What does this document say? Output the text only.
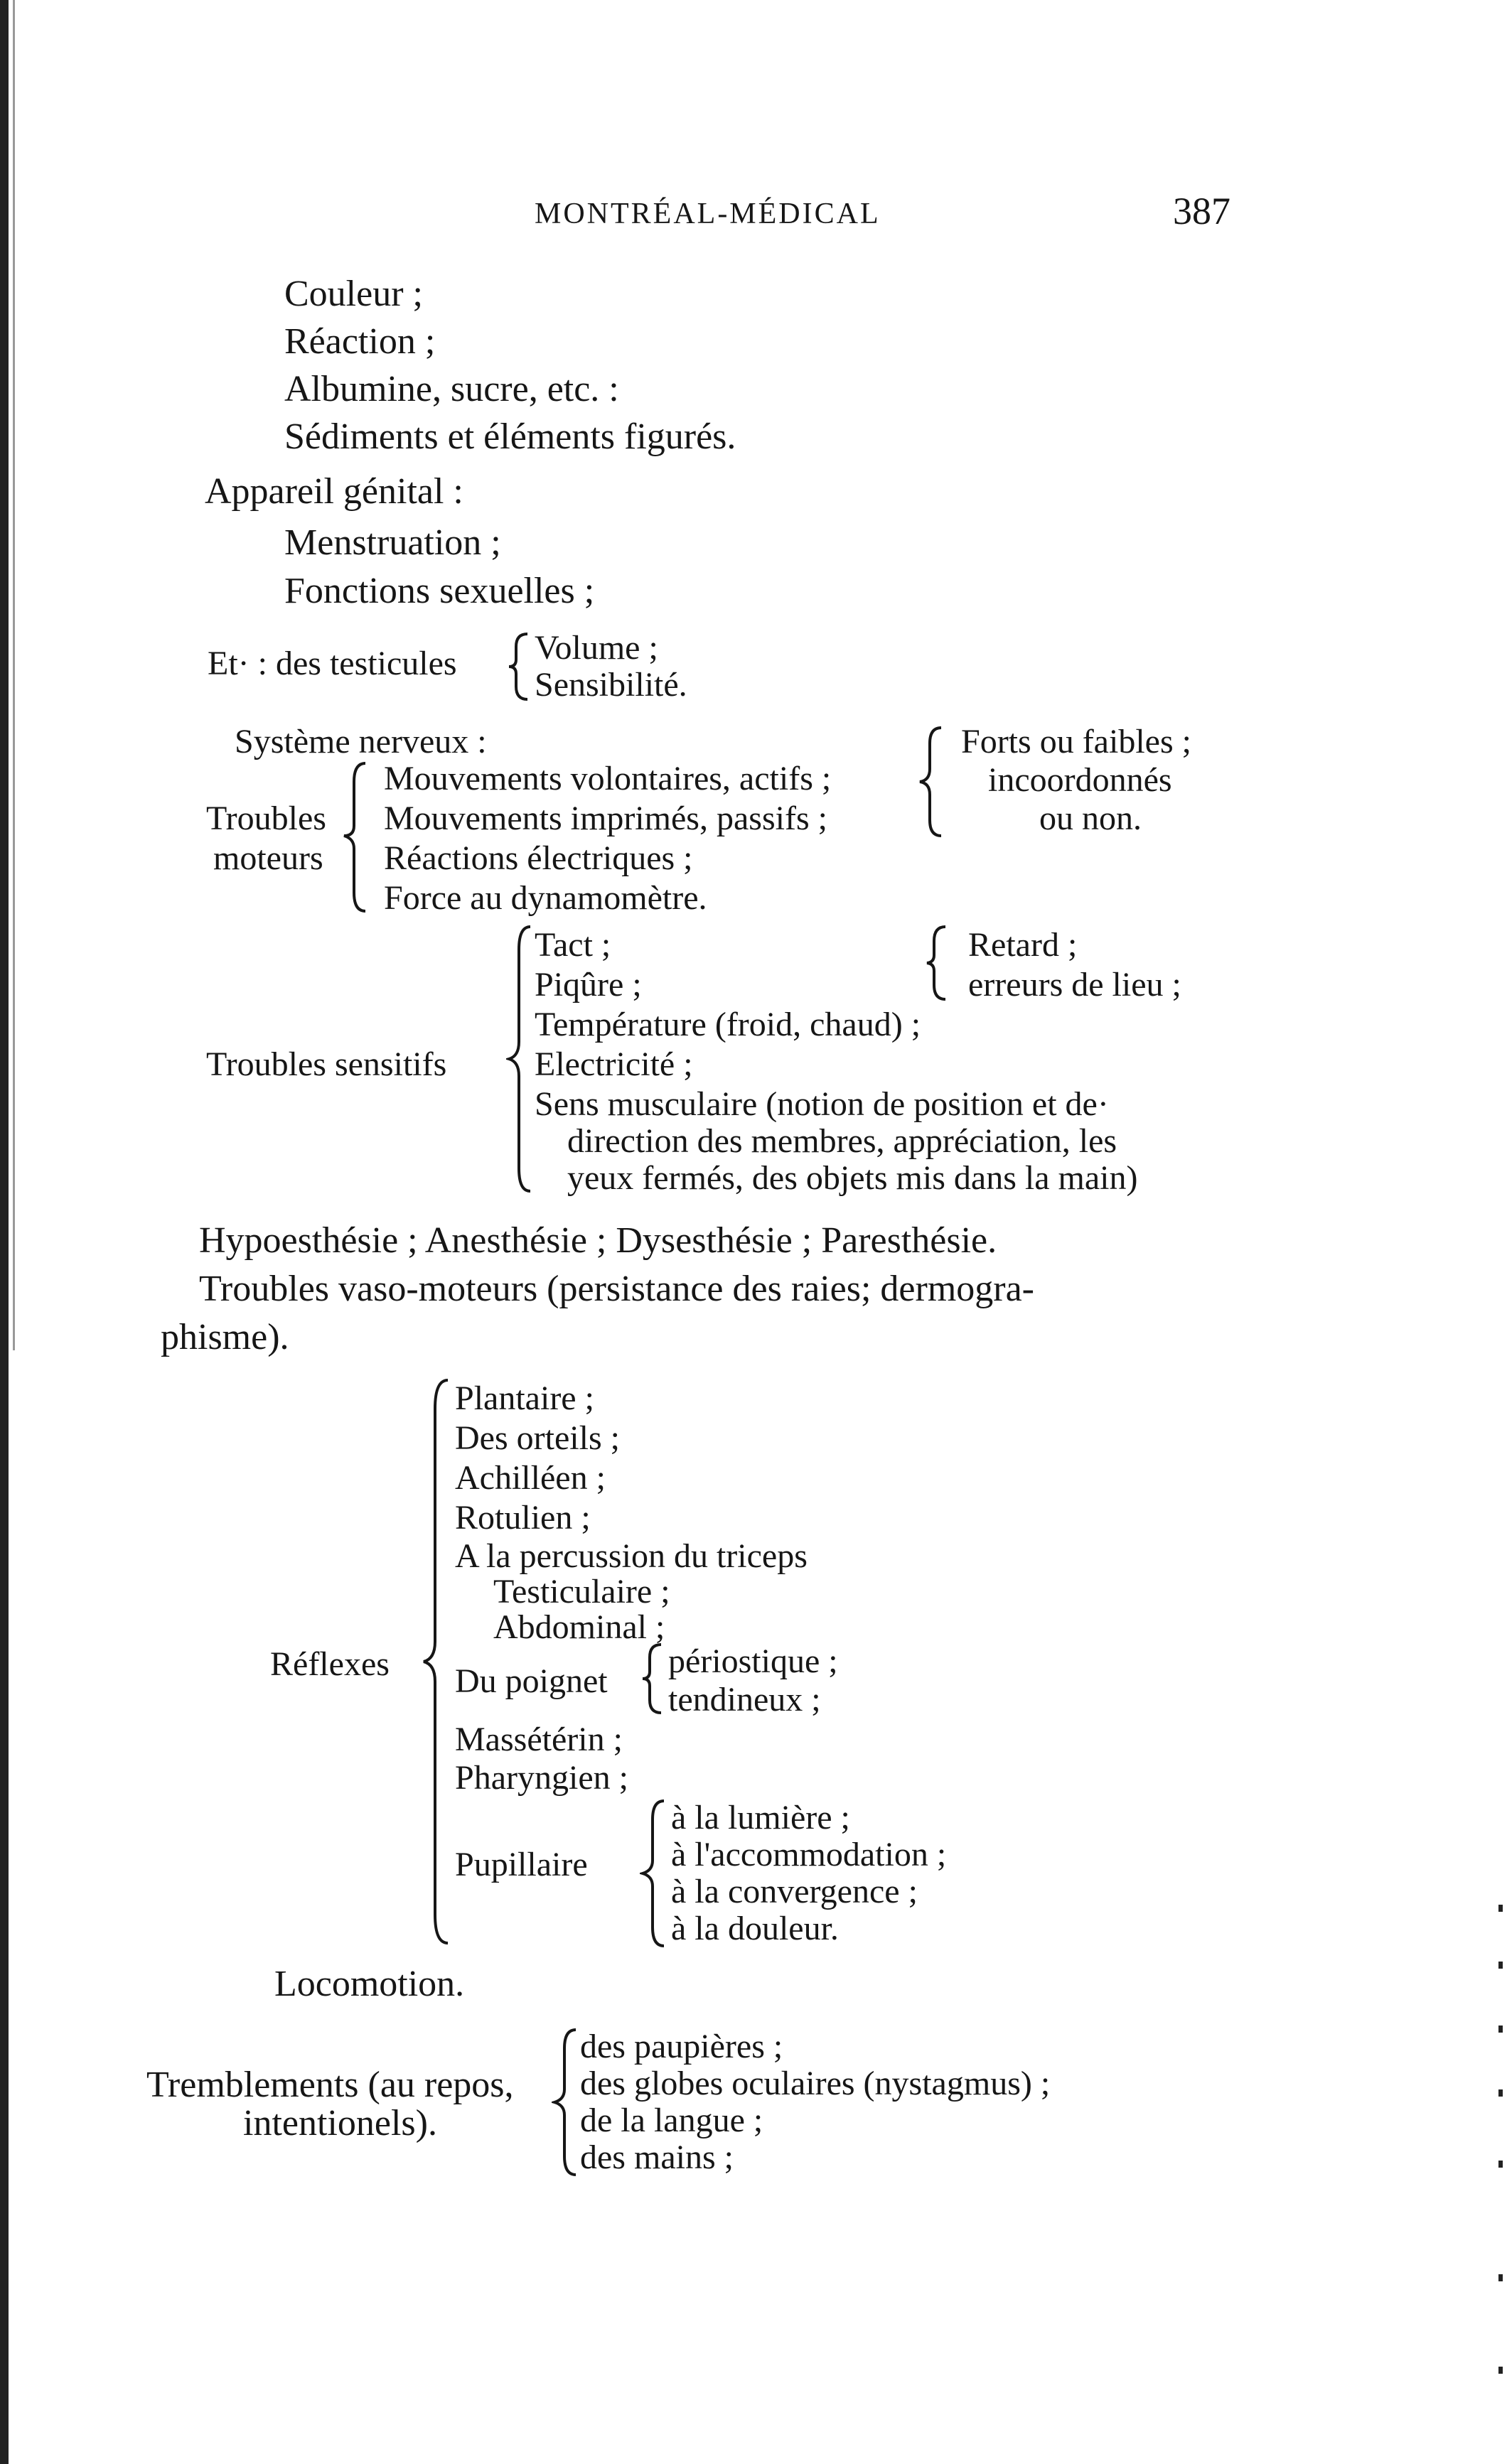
MONTRÉAL-MÉDICAL	387
Couleur ;
Réaction ;
Albumine, sucre, etc. :
Sédiments et éléments figurés.
Appareil génital :
Menstruation ;
Fonctions sexuelles ;
Et· : des testicules Volume ;
Sensibilité.
Système nerveux :
Troubles
moteurs
Mouvements volontaires, actifs ;
Mouvements imprimés, passifs ;
Réactions électriques ;
Force au dynamomètre.
Forts ou faibles ;
incoordonnés
ou non.
Tact ;
Piqûre ;
Retard ;
erreurs de lieu ;
Température (froid, chaud) ;
Troubles sensitifs	Electricité ;
Sens musculaire (notion de position et de·
direction des membres, appréciation, les
yeux fermés, des objets mis dans la main)
Hypoesthésie ; Anesthésie ; Dysesthésie ; Paresthésie.
Troubles vaso-moteurs (persistance des raies; dermogra-
phisme).
Plantaire ;
Des orteils ;
Achilléen ;
Rotulien ;
A la percussion du triceps
Testiculaire ;
Abdominal ;
Réflexes Du poignet
périostique ;
tendineux ;
Massétérin ;
Pharyngien ;
Pupillaire
à la lumière ;
à l'accommodation ;
à la convergence ;
à la douleur.
Locomotion.
Tremblements (au repos,
intentionels).
des paupières ;
des globes oculaires (nystagmus) ;
de la langue ;
des mains ;
